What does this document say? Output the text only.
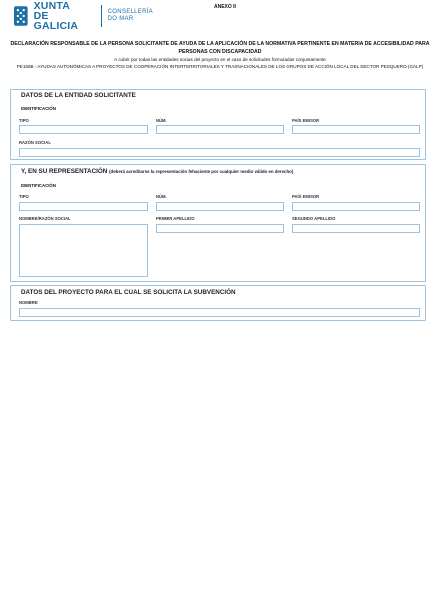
XUNTA
DE GALICIA
CONSELLERÍA
DO MAR
ANEXO II
DECLARACIÓN RESPONSABLE DE LA PERSONA SOLICITANTE DE AYUDA DE LA APLICACIÓN DE LA NORMATIVA PERTINENTE EN MATERIA DE ACCESIBILIDAD PARA PERSONAS CON DISCAPACIDAD
A cubrir por todas las entidades socias del proyecto en el caso de solicitudes formuladas conjuntamente
PE155B - AYUDAS AUTONÓMICAS A PROYECTOS DE COOPERACIÓN INTERTERRITORIALES Y TRASNACIONALES DE LOS GRUPOS DE ACCIÓN LOCAL DEL SECTOR PESQUERO (GALP)
DATOS DE LA ENTIDAD SOLICITANTE
IDENTIFICACIÓN
TIPO	NÚM.	PAÍS EMISOR
RAZÓN SOCIAL
Y, EN SU REPRESENTACIÓN (deberá acreditarse la representación fehaciente por cualquier medio válido en derecho)
IDENTIFICACIÓN
TIPO	NÚM.	PAÍS EMISOR
NOMBRE/RAZÓN SOCIAL	PRIMER APELLIDO	SEGUNDO APELLIDO
DATOS DEL PROYECTO PARA EL CUAL SE SOLICITA LA SUBVENCIÓN
NOMBRE
